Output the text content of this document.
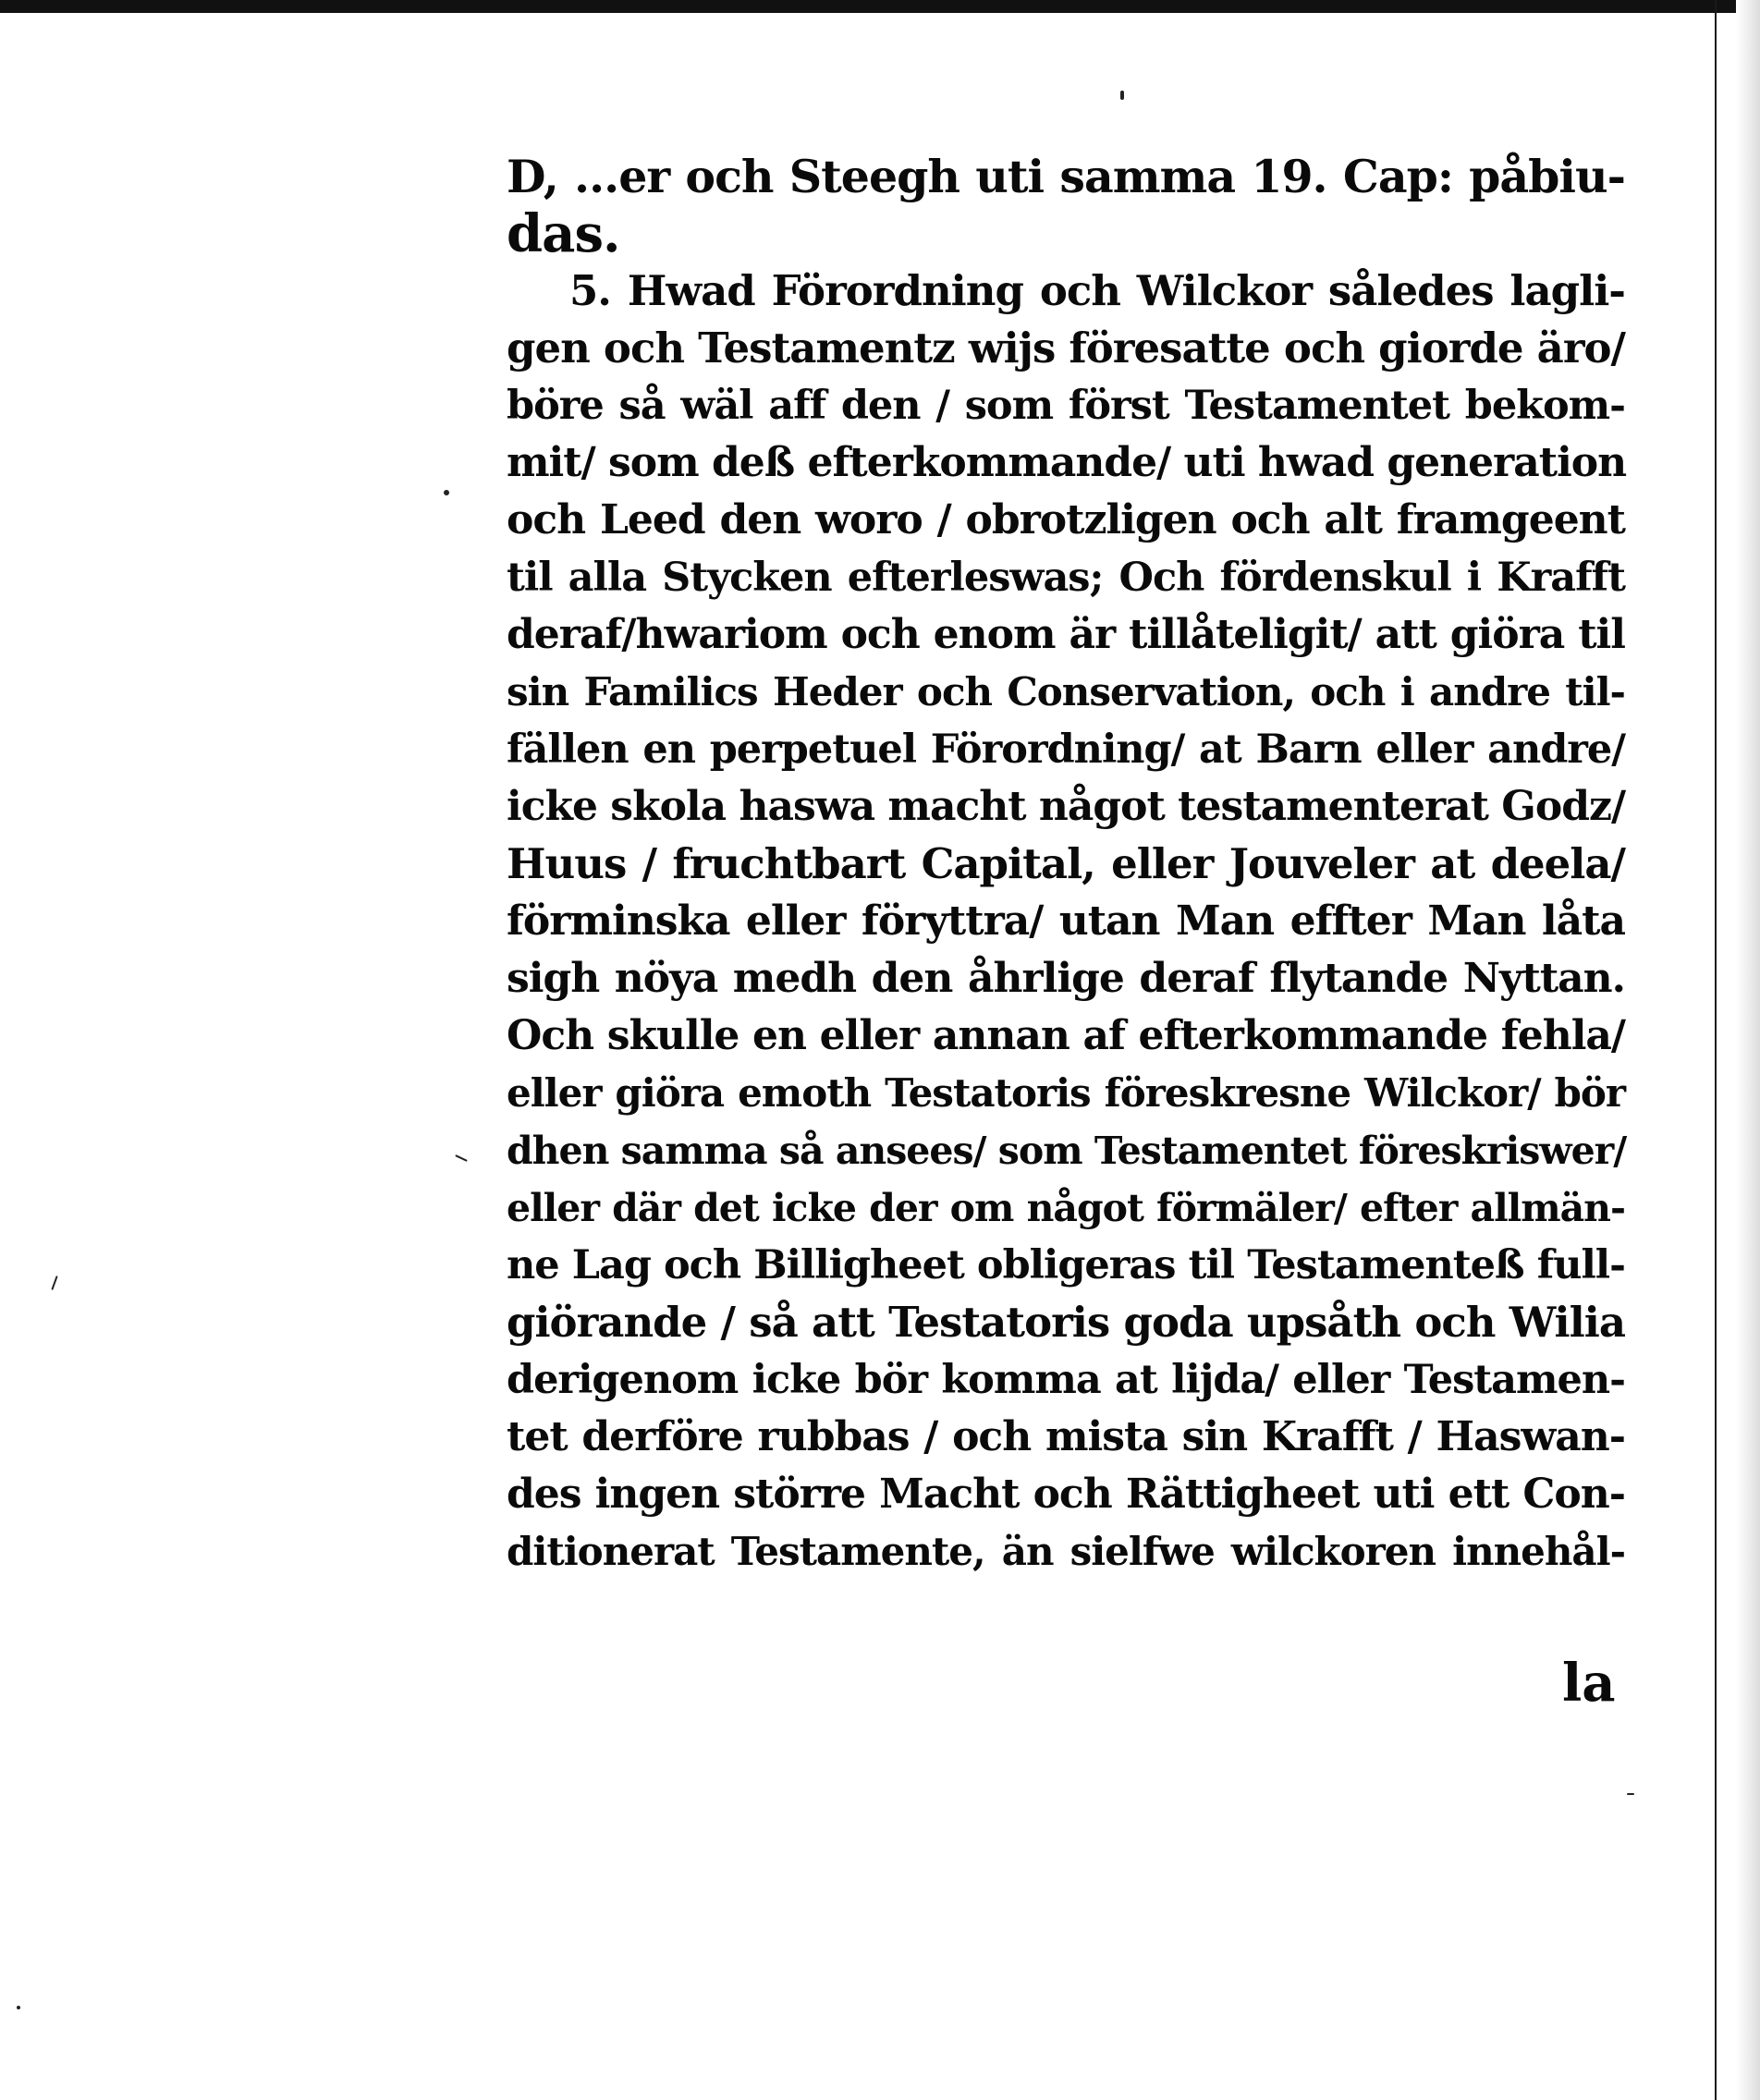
D, ...er och Steegh uti samma 19. Cap: påbiu-
das.
5. Hwad Förordning och Wilckor således lagli-
gen och Testamentz wijs föresatte och giorde äro/
böre så wäl aff den / som först Testamentet bekom-
mit/ som deß efterkommande/ uti hwad generation
och Leed den woro / obrotzligen och alt framgeent
til alla Stycken efterleswas; Och fördenskul i Krafft
deraf/hwariom och enom är tillåteligit/ att giöra til
sin Familics Heder och Conservation, och i andre til-
fällen en perpetuel Förordning/ at Barn eller andre/
icke skola haswa macht något testamenterat Godz/
Huus / fruchtbart Capital, eller Jouveler at deela/
förminska eller föryttra/ utan Man effter Man låta
sigh nöya medh den åhrlige deraf flytande Nyttan.
Och skulle en eller annan af efterkommande fehla/
eller giöra emoth Testatoris föreskresne Wilckor/ bör
dhen samma så ansees/ som Testamentet föreskriswer/
eller där det icke der om något förmäler/ efter allmän-
ne Lag och Billigheet obligeras til Testamenteß full-
giörande / så att Testatoris goda upsåth och Wilia
derigenom icke bör komma at lijda/ eller Testamen-
tet derföre rubbas / och mista sin Krafft / Haswan-
des ingen större Macht och Rättigheet uti ett Con-
ditionerat Testamente, än sielfwe wilckoren innehål-
la
